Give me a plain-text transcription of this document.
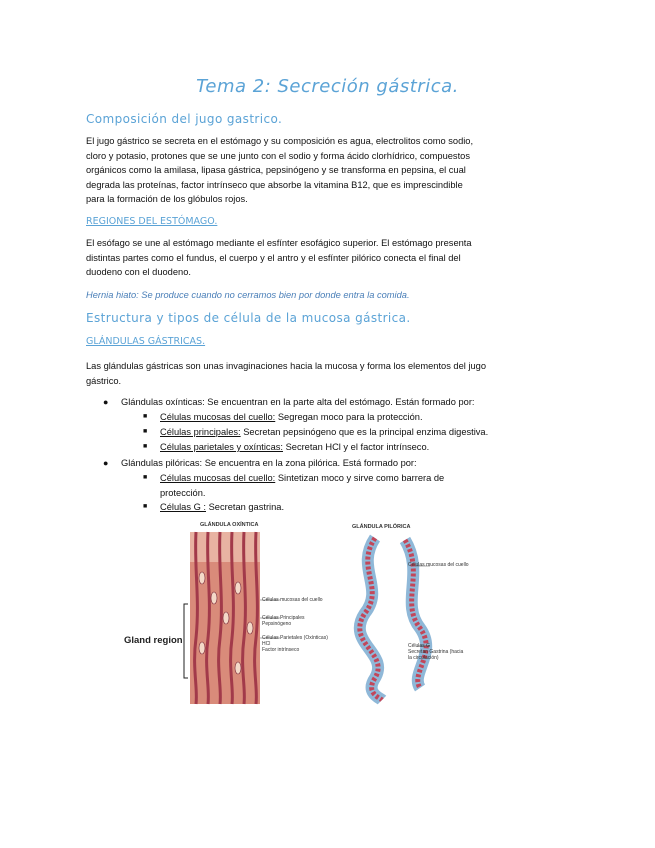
Tema 2: Secreción gástrica.
Composición del jugo gastrico.
El jugo gástrico se secreta en el estómago y su composición es agua, electrolitos como sodio,
cloro y potasio, protones que se une junto con el sodio y forma ácido clorhídrico, compuestos
orgánicos como la amilasa, lipasa gástrica, pepsinógeno y se transforma en pepsina, el cual
degrada las proteínas, factor intrínseco que absorbe la vitamina B12, que es imprescindible
para la formación de los glóbulos rojos.
REGIONES DEL ESTÓMAGO.
El esófago se une al estómago mediante el esfínter esofágico superior. El estómago presenta
distintas partes como el fundus, el cuerpo y el antro y el esfínter pilórico conecta el final del
duodeno con el duodeno.
Hernia hiato: Se produce cuando no cerramos bien por donde entra la comida.
Estructura y tipos de célula de la mucosa gástrica.
GLÁNDULAS GÁSTRICAS.
Las glándulas gástricas son unas invaginaciones hacia la mucosa y forma los elementos del jugo
gástrico.
● Glándulas oxínticas: Se encuentran en la parte alta del estómago. Están formado por:
■ Células mucosas del cuello: Segregan moco para la protección.
■ Células principales: Secretan pepsinógeno que es la principal enzima digestiva.
■ Células parietales y oxínticas: Secretan HCl y el factor intrínseco.
● Glándulas pilóricas: Se encuentra en la zona pilórica. Está formado por:
■ Células mucosas del cuello: Sintetizan moco y sirve como barrera de
protección.
■ Células G : Secretan gastrina.
GLÁNDULA OXÍNTICA	GLÁNDULA PILÓRICA
Gland region
Células mucosas del cuello
Células Principales
Pepsinógeno
Células Parietales (Oxínticas)
HCl
Factor intrínseco
Células mucosas del cuello
Células G
Secretan Gastrina (hacia
la circulación)
